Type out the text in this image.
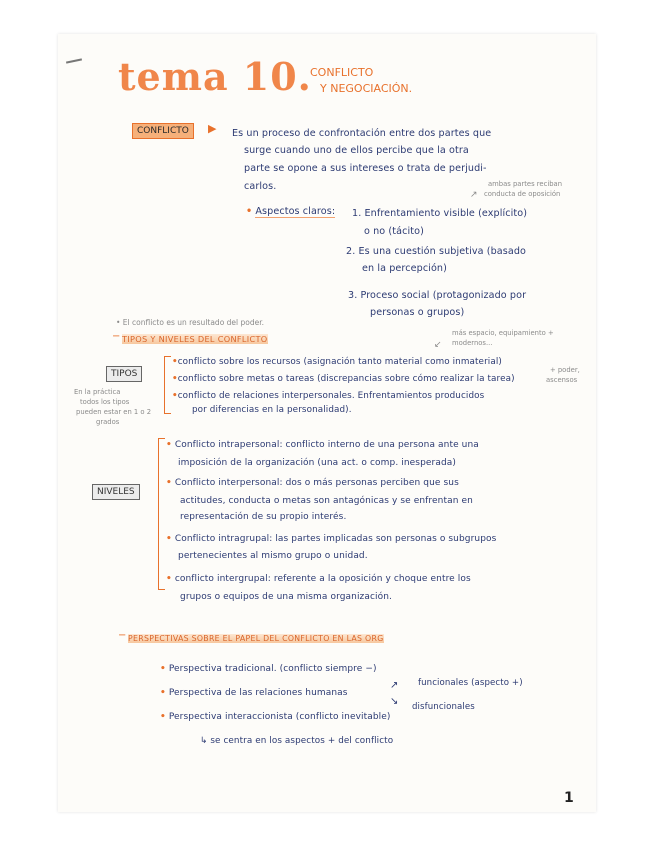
tema 10.
CONFLICTO
Y NEGOCIACIÓN.
CONFLICTO	▶ Es un proceso de confrontación entre dos partes que
surge cuando uno de ellos percibe que la otra
parte se opone a sus intereses o trata de perjudi-
carlos.	ambas partes reciban
conducta de oposición
↗
• Aspectos claros: 1. Enfrentamiento visible (explícito)
o no (tácito)
2. Es una cuestión subjetiva (basado
en la percepción)
3. Proceso social (protagonizado por
personas o grupos)
• El conflicto es un resultado del poder.
TIPOS Y NIVELES DEL CONFLICTO
−	más espacio, equipamiento +
modernos...
↙
+ poder,
ascensos
TIPOS
En la práctica
todos los tipos
pueden estar en 1 o 2
grados
•conflicto sobre los recursos (asignación tanto material como inmaterial)
•conflicto sobre metas o tareas (discrepancias sobre cómo realizar la tarea)
•conflicto de relaciones interpersonales. Enfrentamientos producidos
por diferencias en la personalidad).
NIVELES
• Conflicto intrapersonal: conflicto interno de una persona ante una
imposición de la organización (una act. o comp. inesperada)
• Conflicto interpersonal: dos o más personas perciben que sus
actitudes, conducta o metas son antagónicas y se enfrentan en
representación de su propio interés.
• Conflicto intragrupal: las partes implicadas son personas o subgrupos
pertenecientes al mismo grupo o unidad.
• conflicto intergrupal: referente a la oposición y choque entre los
grupos o equipos de una misma organización.
− PERSPECTIVAS SOBRE EL PAPEL DEL CONFLICTO EN LAS ORG
• Perspectiva tradicional. (conflicto siempre −)
• Perspectiva de las relaciones humanas
↗
↘
funcionales (aspecto +)
disfuncionales
• Perspectiva interaccionista (conflicto inevitable)
↳ se centra en los aspectos + del conflicto
1
